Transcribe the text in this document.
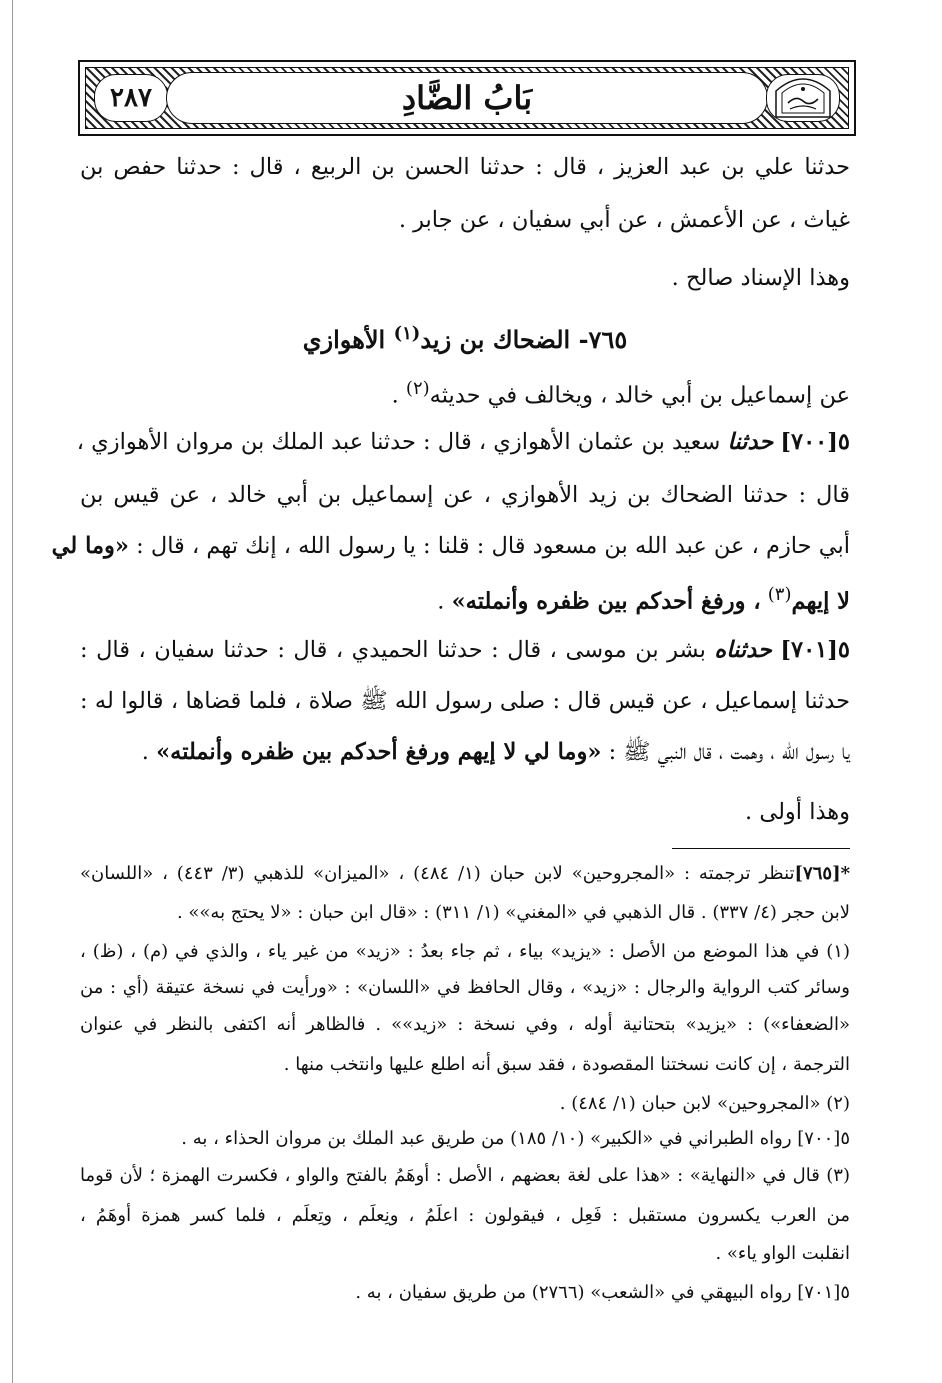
٢٨٧	بَابُ الضَّادِ
حدثنا علي بن عبد العزيز ، قال : حدثنا الحسن بن الربيع ، قال : حدثنا حفص بن
غياث ، عن الأعمش ، عن أبي سفيان ، عن جابر .
وهذا الإسناد صالح .
٧٦٥- الضحاك بن زيد$^{(١)}$ الأهوازي
عن إسماعيل بن أبي خالد ، ويخالف في حديثه$^{(٢)}$ .
٥[٧٠٠] حدثنا سعيد بن عثمان الأهوازي ، قال : حدثنا عبد الملك بن مروان الأهوازي ،
قال : حدثنا الضحاك بن زيد الأهوازي ، عن إسماعيل بن أبي خالد ، عن قيس بن
أبي حازم ، عن عبد الله بن مسعود قال : قلنا : يا رسول الله ، إنك تهم ، قال : «وما لي
لا إيهم$^{(٣)}$ ، ورفغ أحدكم بين ظفره وأنملته» .
٥[٧٠١] حدثناه بشر بن موسى ، قال : حدثنا الحميدي ، قال : حدثنا سفيان ، قال :
حدثنا إسماعيل ، عن قيس قال : صلى رسول الله ﷺ صلاة ، فلما قضاها ، قالوا له :
يا رسول الله ، وهمت ، قال النبي ﷺ : «وما لي لا إيهم ورفغ أحدكم بين ظفره وأنملته» .
وهذا أولى .
*[٧٦٥]تنظر ترجمته : «المجروحين» لابن حبان (١/ ٤٨٤) ، «الميزان» للذهبي (٣/ ٤٤٣) ، «اللسان»
لابن حجر (٤/ ٣٣٧) . قال الذهبي في «المغني» (١/ ٣١١) : «قال ابن حبان : «لا يحتج به»» .
(١) في هذا الموضع من الأصل : «يزيد» بياء ، ثم جاء بعدُ : «زيد» من غير ياء ، والذي في (م) ، (ظ) ،
وسائر كتب الرواية والرجال : «زيد» ، وقال الحافظ في «اللسان» : «ورأيت في نسخة عتيقة (أي : من
«الضعفاء») : «يزيد» بتحتانية أوله ، وفي نسخة : «زيد»» . فالظاهر أنه اكتفى بالنظر في عنوان
الترجمة ، إن كانت نسختنا المقصودة ، فقد سبق أنه اطلع عليها وانتخب منها .
(٢) «المجروحين» لابن حبان (١/ ٤٨٤) .
٥[٧٠٠] رواه الطبراني في «الكبير» (١٠/ ١٨٥) من طريق عبد الملك بن مروان الحذاء ، به .
(٣) قال في «النهاية» : «هذا على لغة بعضهم ، الأصل : أوهَمُ بالفتح والواو ، فكسرت الهمزة ؛ لأن قوما
من العرب يكسرون مستقبل : فَعِل ، فيقولون : اعلَمُ ، ونِعلَم ، وتِعلَم ، فلما كسر همزة أوهَمُ ،
انقلبت الواو ياء» .
٥[٧٠١] رواه البيهقي في «الشعب» (٢٧٦٦) من طريق سفيان ، به .
